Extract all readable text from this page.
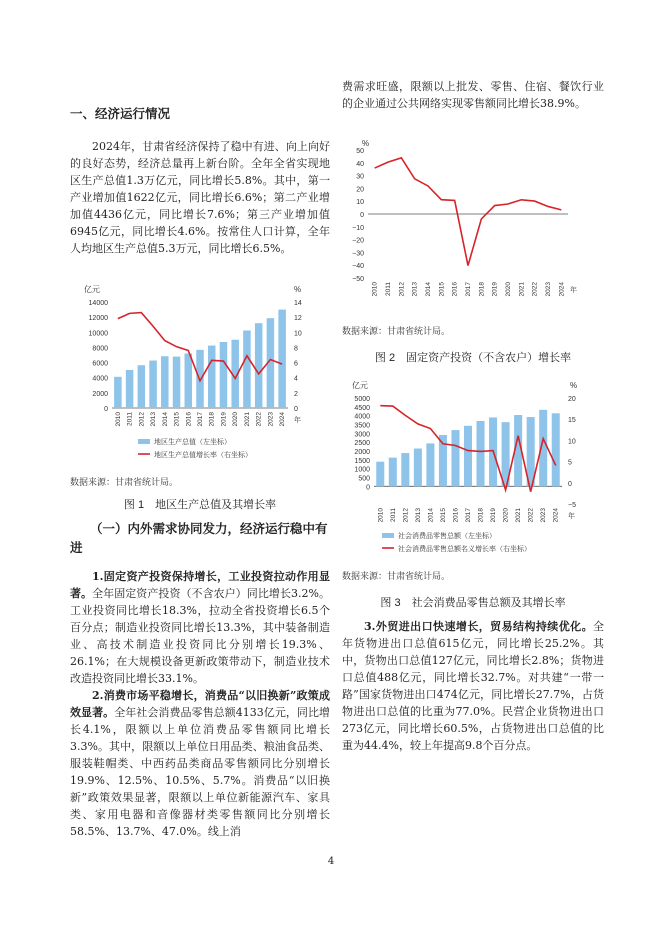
一、经济运行情况

2024年，甘肃省经济保持了稳中有进、向上向好的良好态势，经济总量再上新台阶。全年全省实现地区生产总值1.3万亿元，同比增长5.8%。其中，第一产业增加值1622亿元，同比增长6.6%；第二产业增加值4436亿元，同比增长7.6%；第三产业增加值6945亿元，同比增长4.6%。按常住人口计算，全年人均地区生产总值5.3万元，同比增长6.5%。

亿元	%
0
2000
4000
6000
8000
10000
12000
14000
0
2
4
6
8
10
12
14
2010 2011 2012 2013 2014 2015 2016 2017 2018 2019 2020 2021 2022 2023 2024 年
地区生产总值（左坐标）
地区生产总值增长率（右坐标）
数据来源：甘肃省统计局。
图 1　地区生产总值及其增长率
（一）内外需求协同发力，经济运行稳中有进

1.固定资产投资保持增长，工业投资拉动作用显著。全年固定资产投资（不含农户）同比增长3.2%。工业投资同比增长18.3%，拉动全省投资增长6.5个百分点；制造业投资同比增长13.3%，其中装备制造业、高技术制造业投资同比分别增长19.3%、26.1%；在大规模设备更新政策带动下，制造业技术改造投资同比增长33.1%。

2.消费市场平稳增长，消费品“以旧换新”政策成效显著。全年社会消费品零售总额4133亿元，同比增长4.1%，限额以上单位消费品零售额同比增长3.3%。其中，限额以上单位日用品类、粮油食品类、服装鞋帽类、中西药品类商品零售额同比分别增长19.9%、12.5%、10.5%、5.7%。消费品“以旧换新”政策效果显著，限额以上单位新能源汽车、家具类、家用电器和音像器材类零售额同比分别增长58.5%、13.7%、47.0%。线上消

费需求旺盛，限额以上批发、零售、住宿、餐饮行业的企业通过公共网络实现零售额同比增长38.9%。

%
−50
−40
−30
−20
−10
0
10
20
30
40
50
2010 2011 2012 2013 2014 2015 2016 2017 2018 2019 2020 2021 2022 2023 2024 年
数据来源：甘肃省统计局。
图 2　固定资产投资（不含农户）增长率
亿元	%
0
500
1000
1500
2000
2500
3000
3500
4000
4500
5000
−5
0
5
10
15
20
2010 2011 2012 2013 2014 2015 2016 2017 2018 2019 2020 2021 2022 2023 2024 年
社会消费品零售总额（左坐标）
社会消费品零售总额名义增长率（右坐标）
数据来源：甘肃省统计局。
图 3　社会消费品零售总额及其增长率

3.外贸进出口快速增长，贸易结构持续优化。全年货物进出口总值615亿元，同比增长25.2%。其中，货物出口总值127亿元，同比增长2.8%；货物进口总值488亿元，同比增长32.7%。对共建“一带一路”国家货物进出口474亿元，同比增长27.7%，占货物进出口总值的比重为77.0%。民营企业货物进出口273亿元，同比增长60.5%，占货物进出口总值的比重为44.4%，较上年提高9.8个百分点。

4
